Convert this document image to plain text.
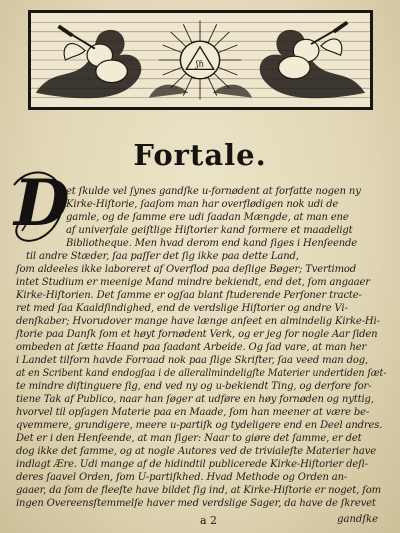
ʃɦ
Fortale.
D
et ſkulde vel ſynes gandſke u-fornødent at forfatte nogen ny
Kirke-Hiſtorie, ſaaſom man har overflødigen nok udi de
gamle, og de ſamme ere udi ſaadan Mængde, at man ene
af univerſale geiſtlige Hiſtorier kand formere et maadeligt
Bibliotheque. Men hvad derom end kand ſiges i Henſeende
til andre Stæder, ſaa paſſer det ſig ikke paa dette Land,
ſom aldeeles ikke laboreret af Overflod paa deſlige Bøger; Tvertimod
intet Studium er meenige Mand mindre bekiendt, end det, ſom angaaer
Kirke-Hiſtorien. Det ſamme er ogſaa blant ſtuderende Perſoner tracte-
ret med ſaa Kaaldſindighed, end de verdslige Hiſtorier og andre Vi-
denſkaber; Hvorudover mange have længe anſeet en almindelig Kirke-Hi-
ſtorie paa Danſk ſom et høyt fornødent Verk, og er jeg for nogle Aar ſiden
ombeden at ſætte Haand paa ſaadant Arbeide. Og ſad vare, at man her
i Landet tilforn havde Forraad nok paa ſlige Skrifter, ſaa veed man dog,
at en Scribent kand endogſaa i de allerallmindeligſte Materier undertiden ſæt-
te mindre diſtinguere ſig, end ved ny og u-bekiendt Ting, og derfore for-
tiene Tak af Publico, naar han ſøger at udføre en høy fornøden og nyttig,
hvorvel til opſagen Materie paa en Maade, ſom han meener at være be-
qvemmere, grundigere, meere u-partiſk og tydeligere end en Deel andres.
Det er i den Henſeende, at man ſiger: Naar to giøre det ſamme, er det
dog ikke det ſamme, og at nogle Autores ved de trivialeſte Materier have
indlagt Ære. Udi mange af de hidindtil publicerede Kirke-Hiſtorier deſi-
deres ſaavel Orden, ſom U-partiſkhed. Hvad Methode og Orden an-
gaaer, da ſom de fleeſte have bildet ſig ind, at Kirke-Hiſtorie er noget, ſom
ingen Overeensſtemmelſe haver med verdslige Sager, da have de ſkrevet
a 2	gandſke
